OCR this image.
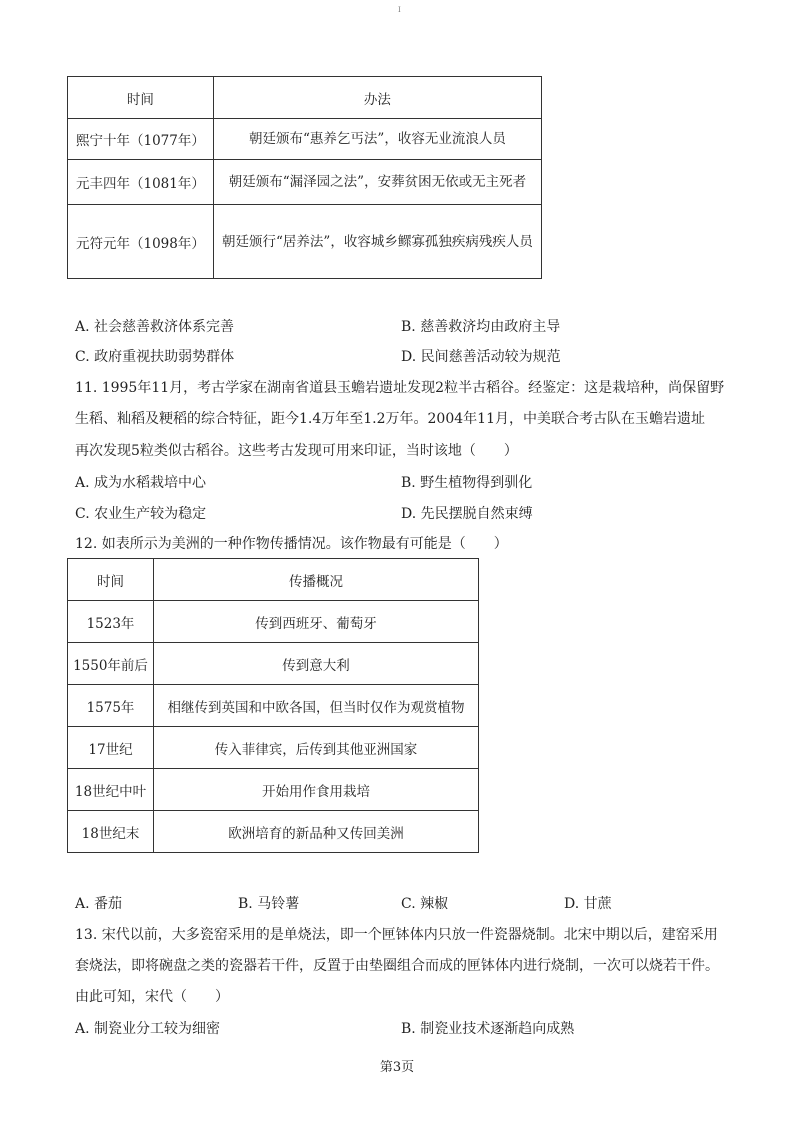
I
时间	办法
熙宁十年（1077年）	朝廷颁布“惠养乞丐法”，收容无业流浪人员
元丰四年（1081年）	朝廷颁布“漏泽园之法”，安葬贫困无依或无主死者
元符元年（1098年）	朝廷颁行“居养法”，收容城乡鳏寡孤独疾病残疾人员
A. 社会慈善救济体系完善	B. 慈善救济均由政府主导
C. 政府重视扶助弱势群体	D. 民间慈善活动较为规范
11. 1995年11月，考古学家在湖南省道县玉蟾岩遗址发现2粒半古稻谷。经鉴定：这是栽培种，尚保留野
生稻、籼稻及粳稻的综合特征，距今1.4万年至1.2万年。2004年11月，中美联合考古队在玉蟾岩遗址
再次发现5粒类似古稻谷。这些考古发现可用来印证，当时该地（　　）
A. 成为水稻栽培中心	B. 野生植物得到驯化
C. 农业生产较为稳定	D. 先民摆脱自然束缚
12. 如表所示为美洲的一种作物传播情况。该作物最有可能是（　　）
时间	传播概况
1523年	传到西班牙、葡萄牙
1550年前后	传到意大利
1575年	相继传到英国和中欧各国，但当时仅作为观赏植物
17世纪	传入菲律宾，后传到其他亚洲国家
18世纪中叶	开始用作食用栽培
18世纪末	欧洲培育的新品种又传回美洲
A. 番茄	B. 马铃薯	C. 辣椒	D. 甘蔗
13. 宋代以前，大多瓷窑采用的是单烧法，即一个匣钵体内只放一件瓷器烧制。北宋中期以后，建窑采用
套烧法，即将碗盘之类的瓷器若干件，反置于由垫圈组合而成的匣钵体内进行烧制，一次可以烧若干件。
由此可知，宋代（　　）
A. 制瓷业分工较为细密	B. 制瓷业技术逐渐趋向成熟
第3页
